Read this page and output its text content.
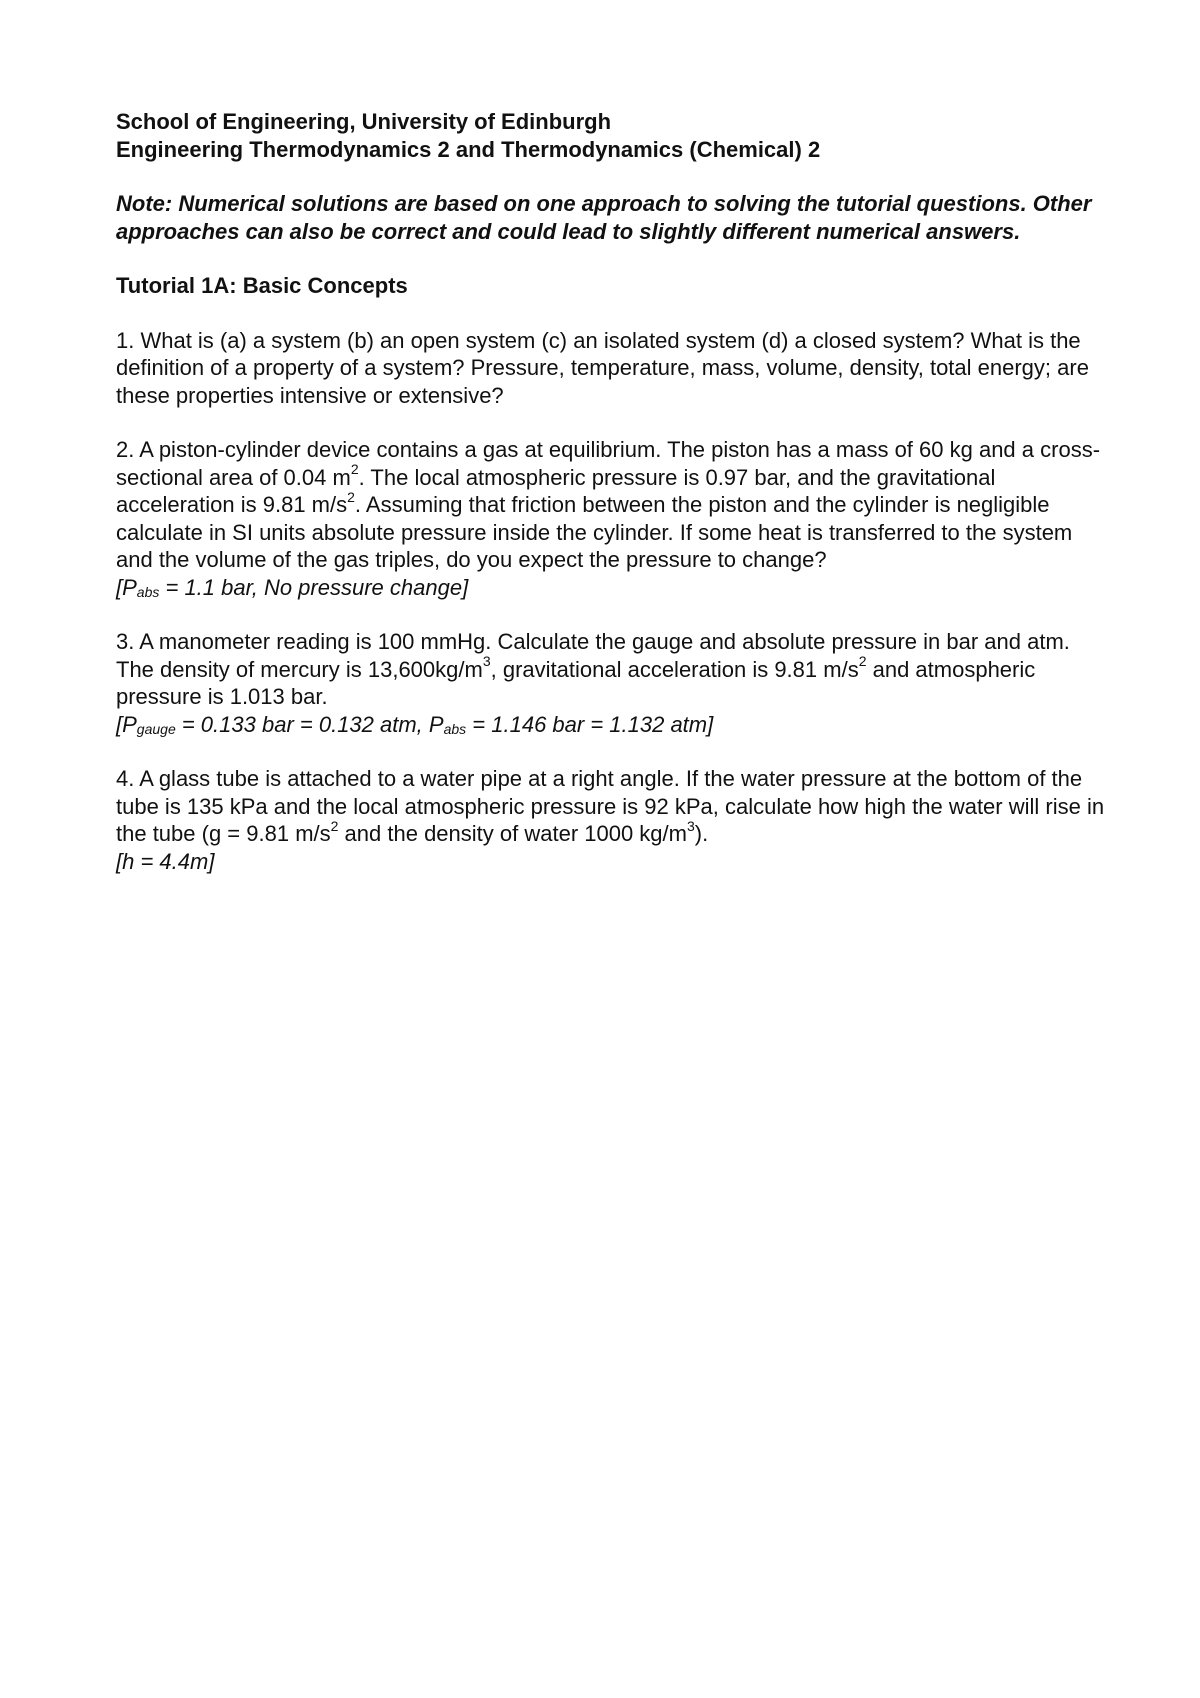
School of Engineering, University of Edinburgh

Engineering Thermodynamics 2 and Thermodynamics (Chemical) 2

Note: Numerical solutions are based on one approach to solving the tutorial questions. Other approaches can also be correct and could lead to slightly different numerical answers.

Tutorial 1A: Basic Concepts

1. What is (a) a system (b) an open system (c) an isolated system (d) a closed system? What is the definition of a property of a system? Pressure, temperature, mass, volume, density, total energy; are these properties intensive or extensive?

2. A piston-cylinder device contains a gas at equilibrium. The piston has a mass of 60 kg and a cross-sectional area of 0.04 $m^2$. The local atmospheric pressure is 0.97 bar, and the gravitational acceleration is 9.81 $m/s^2$. Assuming that friction between the piston and the cylinder is negligible calculate in SI units absolute pressure inside the cylinder. If some heat is transferred to the system and the volume of the gas triples, do you expect the pressure to change?

[$P_{abs} = 1.1$ bar, No pressure change]

3. A manometer reading is 100 mmHg. Calculate the gauge and absolute pressure in bar and atm. The density of mercury is $13,600kg/m^3$, gravitational acceleration is 9.81 $m/s^2$ and atmospheric pressure is 1.013 bar.

[$P_{gauge} = 0.133$ bar = 0.132 atm, $P_{abs} = 1.146$ bar = 1.132 atm]

4. A glass tube is attached to a water pipe at a right angle. If the water pressure at the bottom of the tube is 135 kPa and the local atmospheric pressure is 92 kPa, calculate how high the water will rise in the tube (g = 9.81 $m/s^2$ and the density of water 1000 $kg/m^3$).

[h = 4.4m]
